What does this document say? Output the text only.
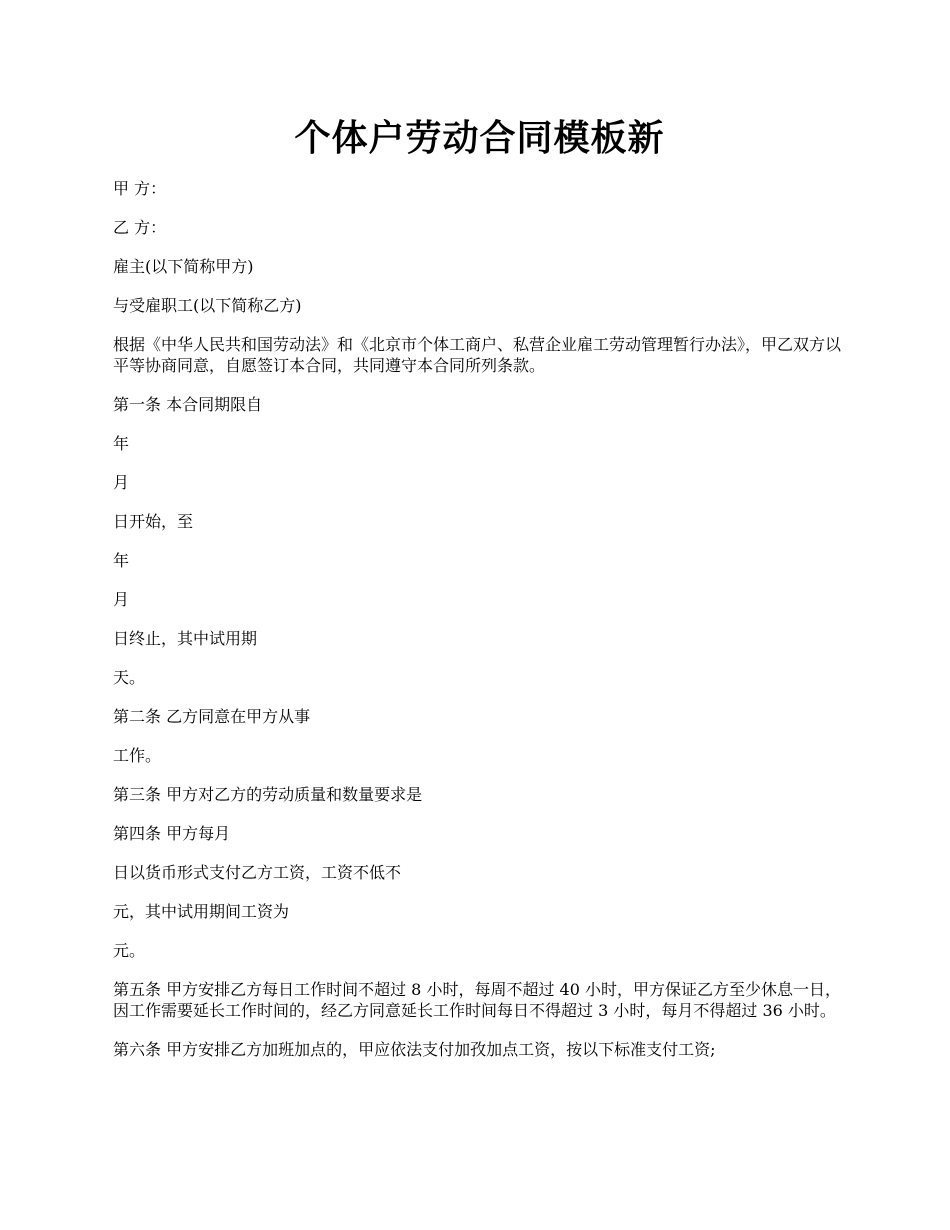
个体户劳动合同模板新

甲 方：

乙 方：

雇主(以下简称甲方)

与受雇职工(以下简称乙方)

根据《中华人民共和国劳动法》和《北京市个体工商户、私营企业雇工劳动管理暂行办法》，甲乙双方以平等协商同意，自愿签订本合同，共同遵守本合同所列条款。

第一条 本合同期限自

年

月

日开始，至

年

月

日终止，其中试用期

天。

第二条 乙方同意在甲方从事

工作。

第三条 甲方对乙方的劳动质量和数量要求是

第四条 甲方每月

日以货币形式支付乙方工资，工资不低不

元，其中试用期间工资为

元。

第五条 甲方安排乙方每日工作时间不超过 8 小时，每周不超过 40 小时，甲方保证乙方至少休息一日，因工作需要延长工作时间的，经乙方同意延长工作时间每日不得超过 3 小时，每月不得超过 36 小时。

第六条 甲方安排乙方加班加点的，甲应依法支付加孜加点工资，按以下标准支付工资;
